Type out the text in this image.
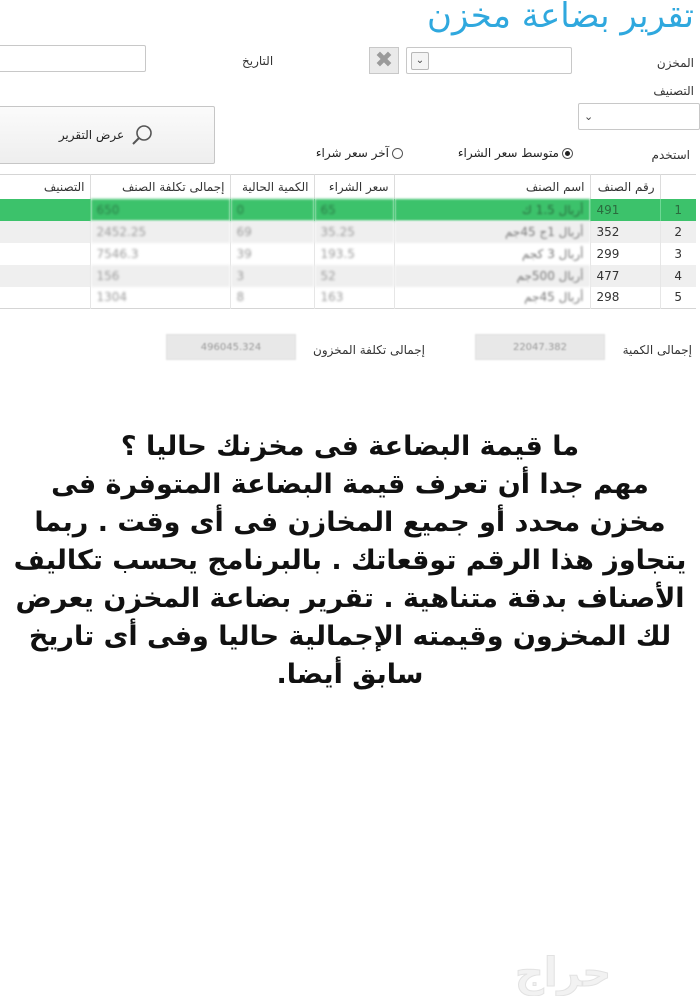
تقرير بضاعة مخزن
المخزن
⌄
✖
التاريخ
التصنيف
⌄
استخدم
متوسط سعر الشراء
آخر سعر شراء
عرض التقرير
	رقم الصنف	اسم الصنف	سعر الشراء	الكمية الحالية	إجمالى تكلفة الصنف	التصنيف
1	491	أربال 1.5 ك	65	0	650	
2	352	أربال 1ج 45جم	35.25	69	2452.25	
3	299	أربال 3 كجم	193.5	39	7546.3	
4	477	أربال 500جم	52	3	156	
5	298	أربال 45جم	163	8	1304	
إجمالى الكمية
22047.382
إجمالى تكلفة المخزون
496045.324
ما قيمة البضاعة فى مخزنك حاليا ؟
مهم جدا أن تعرف قيمة البضاعة المتوفرة فى مخزن محدد أو جميع المخازن فى أى وقت . ربما يتجاوز هذا الرقم توقعاتك . بالبرنامج يحسب تكاليف الأصناف بدقة متناهية . تقرير بضاعة المخزن يعرض لك المخزون وقيمته الإجمالية حاليا وفى أى تاريخ سابق أيضا.
حراج
